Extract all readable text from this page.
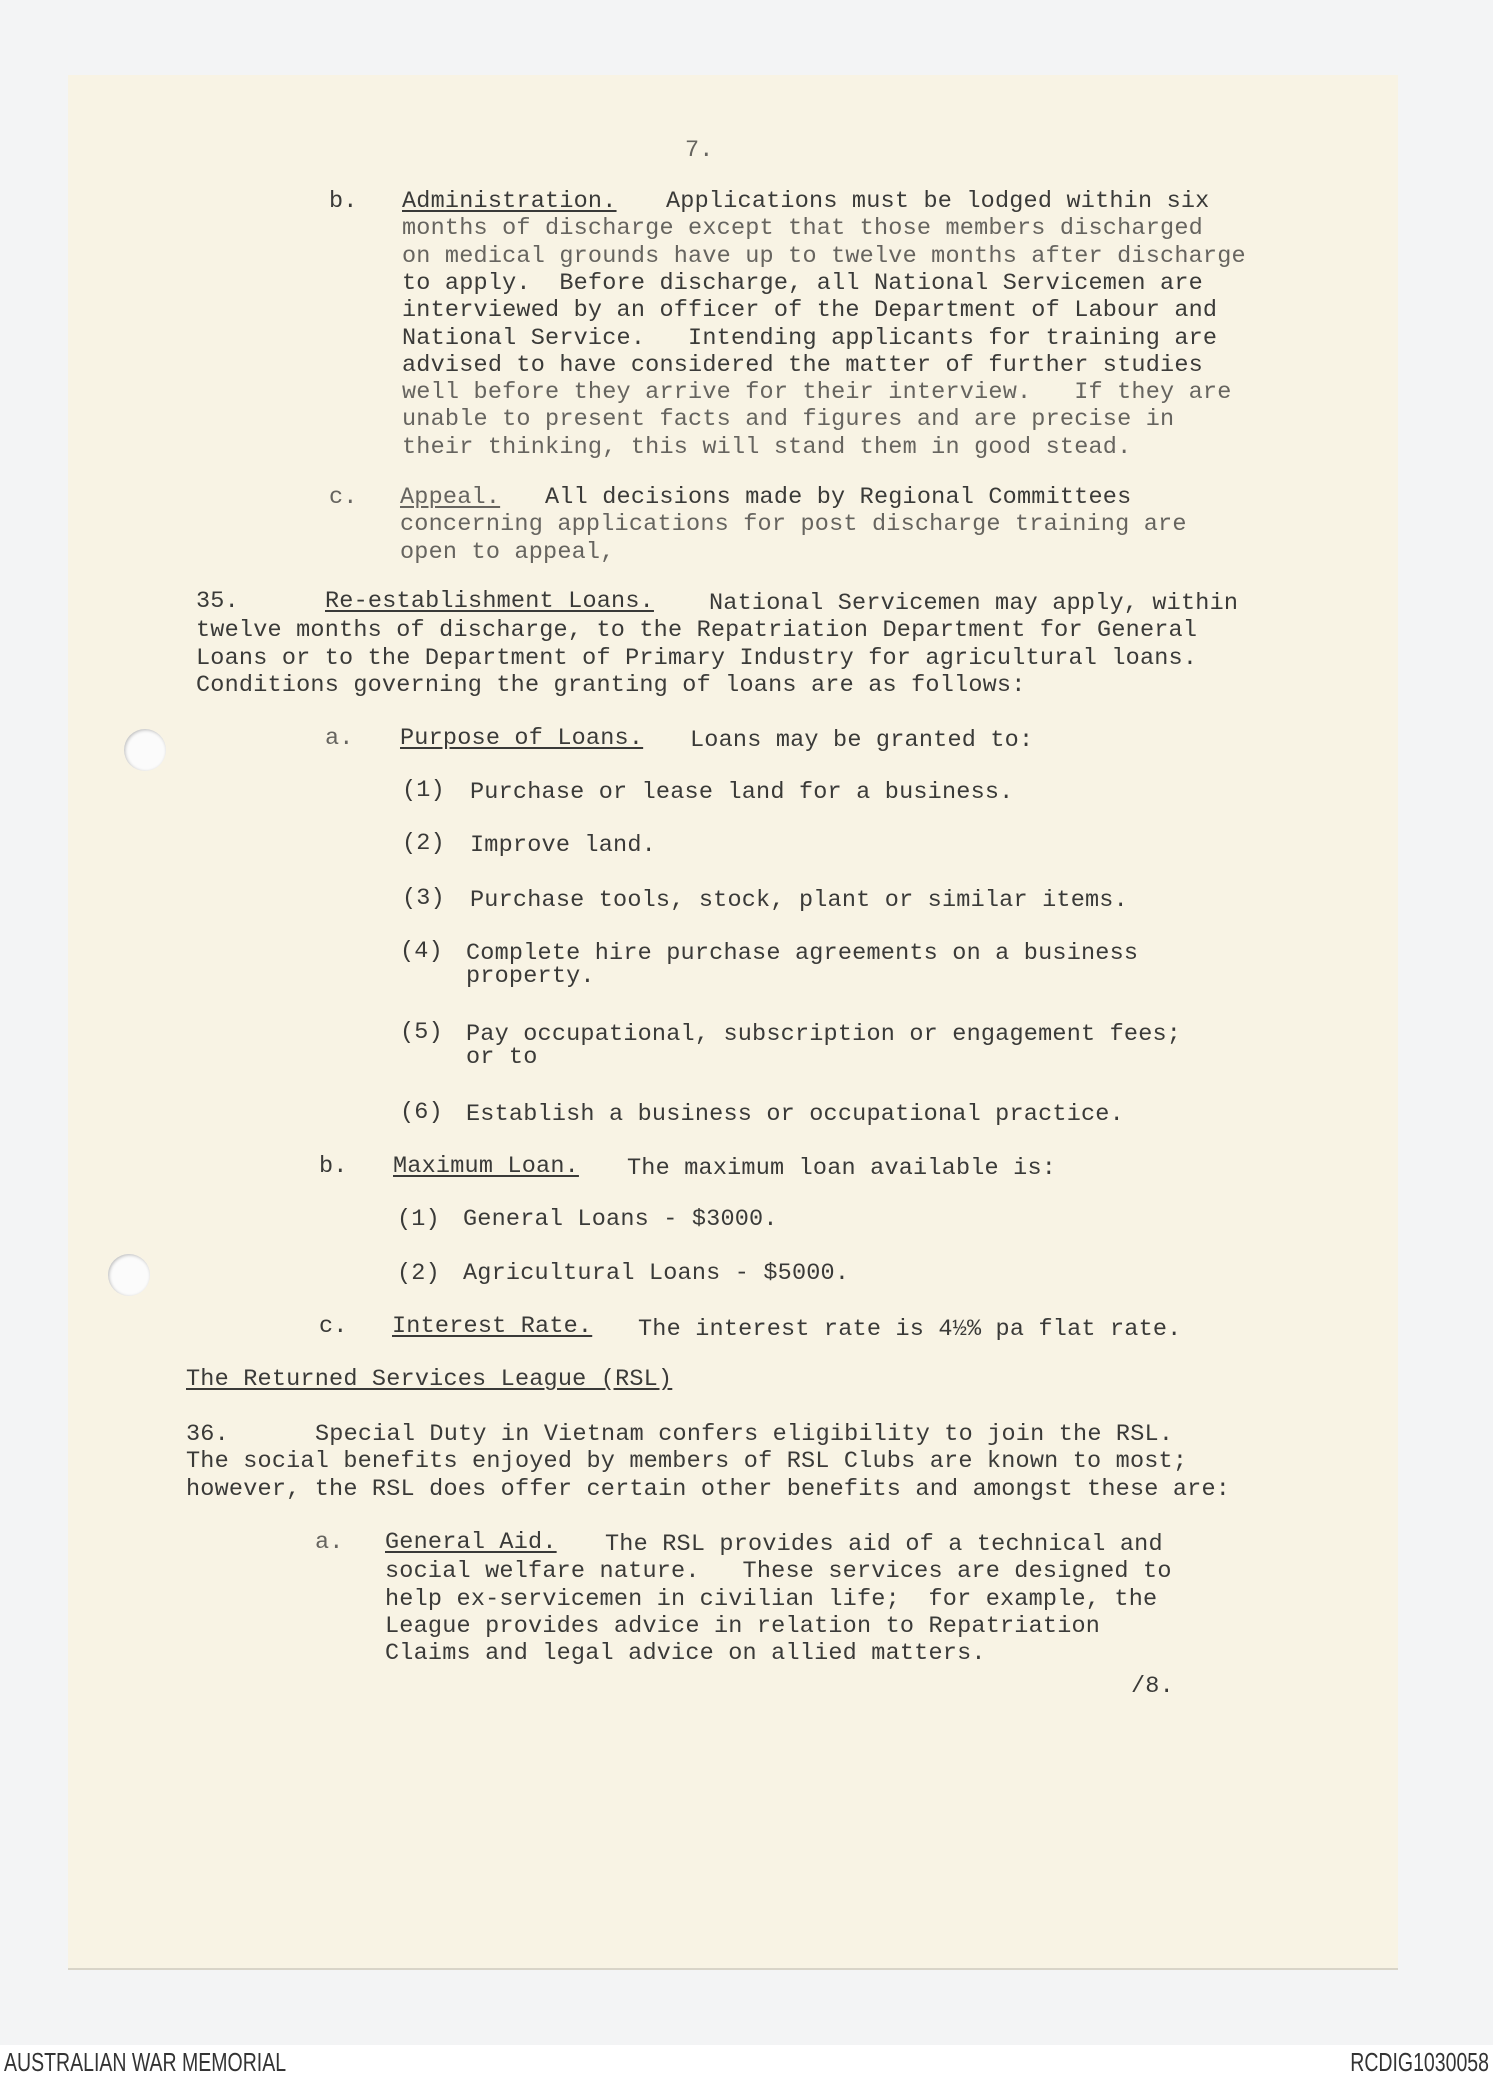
7.
b. Administration. Applications must be lodged within six
months of discharge except that those members discharged
on medical grounds have up to twelve months after discharge
to apply.  Before discharge, all National Servicemen are
interviewed by an officer of the Department of Labour and
National Service.   Intending applicants for training are
advised to have considered the matter of further studies
well before they arrive for their interview.   If they are
unable to present facts and figures and are precise in
their thinking, this will stand them in good stead.
c. Appeal. All decisions made by Regional Committees
concerning applications for post discharge training are
open to appeal,
35.	Re-establishment Loans. National Servicemen may apply, within
twelve months of discharge, to the Repatriation Department for General
Loans or to the Department of Primary Industry for agricultural loans.
Conditions governing the granting of loans are as follows:
a. Purpose of Loans. Loans may be granted to:
(1) Purchase or lease land for a business.
(2) Improve land.
(3) Purchase tools, stock, plant or similar items.
(4) Complete hire purchase agreements on a business
property.
(5) Pay occupational, subscription or engagement fees;
or to
(6) Establish a business or occupational practice.
b. Maximum Loan. The maximum loan available is:
(1) General Loans - $3000.
(2) Agricultural Loans - $5000.
c. Interest Rate. The interest rate is 4½% pa flat rate.
The Returned Services League (RSL)
36.	Special Duty in Vietnam confers eligibility to join the RSL.
The social benefits enjoyed by members of RSL Clubs are known to most;
however, the RSL does offer certain other benefits and amongst these are:
a. General Aid. The RSL provides aid of a technical and
social welfare nature.   These services are designed to
help ex-servicemen in civilian life;  for example, the
League provides advice in relation to Repatriation
Claims and legal advice on allied matters.
/8.
AUSTRALIAN WAR MEMORIAL	RCDIG1030058
